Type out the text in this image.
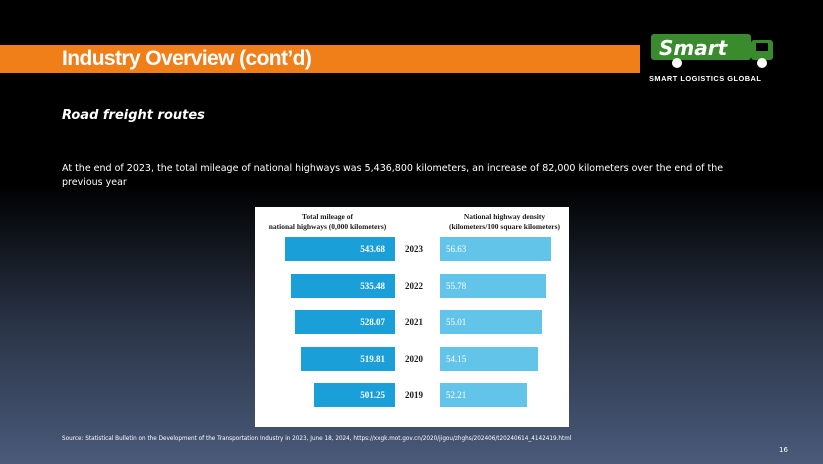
Industry Overview (cont’d)	Smart
SMART LOGISTICS GLOBAL
Road freight routes
At the end of 2023, the total mileage of national highways was 5,436,800 kilometers, an increase of 82,000 kilometers over the end of the previous year
Total mileage of
national highways (0,000 kilometers)
National highway density
(kilometers/100 square kilometers)
543.68	2023	56.63
535.48	2022	55.78
528.07	2021	55.01
519.81	2020	54.15
501.25	2019	52.21
Source: Statistical Bulletin on the Development of the Transportation Industry in 2023, June 18, 2024, https://xxgk.mot.gov.cn/2020/jigou/zhghs/202406/t20240614_4142419.html
16
